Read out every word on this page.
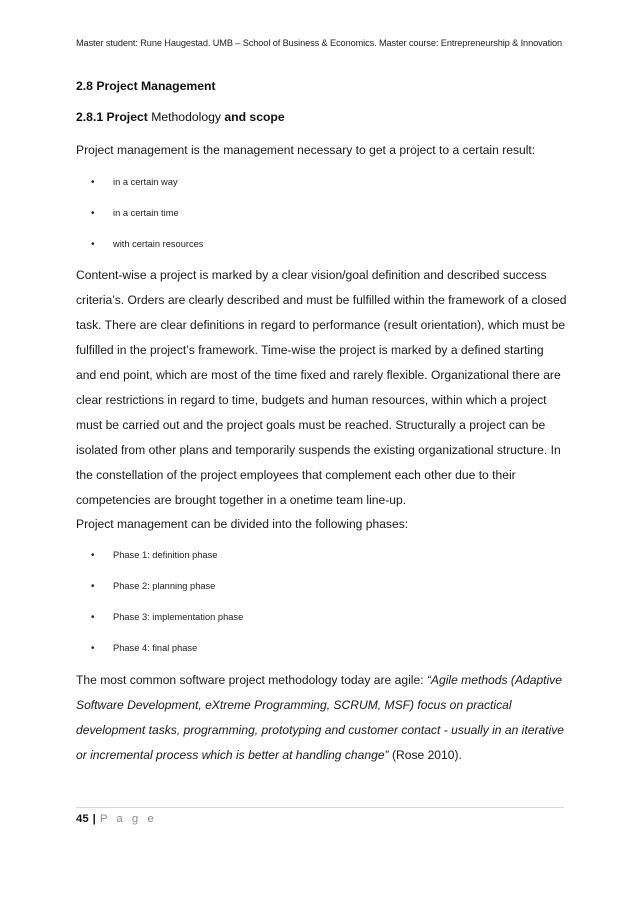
Master student: Rune Haugestad. UMB – School of Business & Economics. Master course: Entrepreneurship & Innovation
2.8 Project Management
2.8.1 Project Methodology and scope
Project management is the management necessary to get a project to a certain result:
• in a certain way
• in a certain time
• with certain resources
Content-wise a project is marked by a clear vision/goal definition and described success
criteria’s. Orders are clearly described and must be fulfilled within the framework of a closed
task. There are clear definitions in regard to performance (result orientation), which must be
fulfilled in the project’s framework. Time-wise the project is marked by a defined starting
and end point, which are most of the time fixed and rarely flexible. Organizational there are
clear restrictions in regard to time, budgets and human resources, within which a project
must be carried out and the project goals must be reached. Structurally a project can be
isolated from other plans and temporarily suspends the existing organizational structure. In
the constellation of the project employees that complement each other due to their
competencies are brought together in a onetime team line-up.
Project management can be divided into the following phases:
• Phase 1: definition phase
• Phase 2: planning phase
• Phase 3: implementation phase
• Phase 4: final phase
The most common software project methodology today are agile: “Agile methods (Adaptive
Software Development, eXtreme Programming, SCRUM, MSF) focus on practical
development tasks, programming, prototyping and customer contact - usually in an iterative
or incremental process which is better at handling change” (Rose 2010).
45 | P a g e
